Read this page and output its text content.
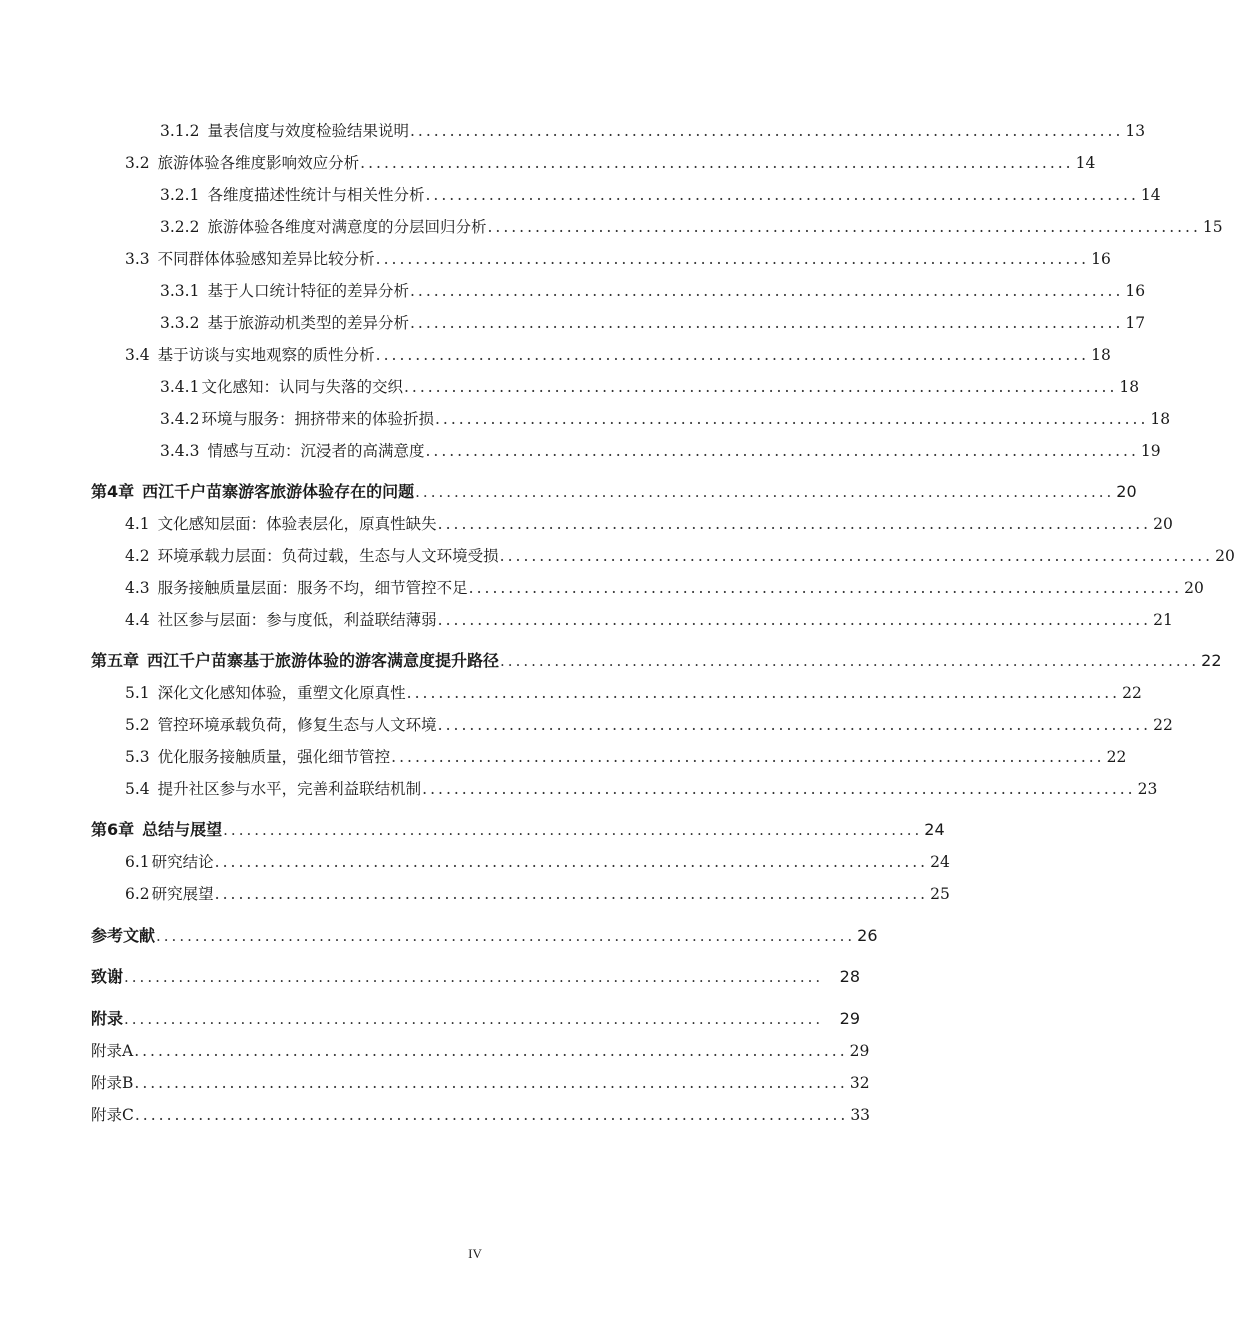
3.1.2 量表信度与效度检验结果说明 .......................................................................................... 13
3.2 旅游体验各维度影响效应分析 .......................................................................................... 14
3.2.1 各维度描述性统计与相关性分析 .......................................................................................... 14
3.2.2 旅游体验各维度对满意度的分层回归分析 .......................................................................................... 15
3.3 不同群体体验感知差异比较分析 .......................................................................................... 16
3.3.1 基于人口统计特征的差异分析 .......................................................................................... 16
3.3.2 基于旅游动机类型的差异分析 .......................................................................................... 17
3.4 基于访谈与实地观察的质性分析 .......................................................................................... 18
3.4.1 文化感知：认同与失落的交织 .......................................................................................... 18
3.4.2 环境与服务：拥挤带来的体验折损 .......................................................................................... 18
3.4.3 情感与互动：沉浸者的高满意度 .......................................................................................... 19
第4章 西江千户苗寨游客旅游体验存在的问题 .......................................................................................... 20
4.1 文化感知层面：体验表层化，原真性缺失 .......................................................................................... 20
4.2 环境承载力层面：负荷过载，生态与人文环境受损 .......................................................................................... 20
4.3 服务接触质量层面：服务不均，细节管控不足 .......................................................................................... 20
4.4 社区参与层面：参与度低，利益联结薄弱 .......................................................................................... 21
第五章 西江千户苗寨基于旅游体验的游客满意度提升路径 .......................................................................................... 22
5.1 深化文化感知体验，重塑文化原真性 .......................................................................................... 22
5.2 管控环境承载负荷，修复生态与人文环境 .......................................................................................... 22
5.3 优化服务接触质量，强化细节管控 .......................................................................................... 22
5.4 提升社区参与水平，完善利益联结机制 .......................................................................................... 23
第6章 总结与展望 .......................................................................................... 24
6.1 研究结论 .......................................................................................... 24
6.2 研究展望 .......................................................................................... 25
参考文献 .......................................................................................... 26
致谢 ..........................................................................................	28
附录 ..........................................................................................	29
附录A .......................................................................................... 29
附录B .......................................................................................... 32
附录C .......................................................................................... 33
IV
